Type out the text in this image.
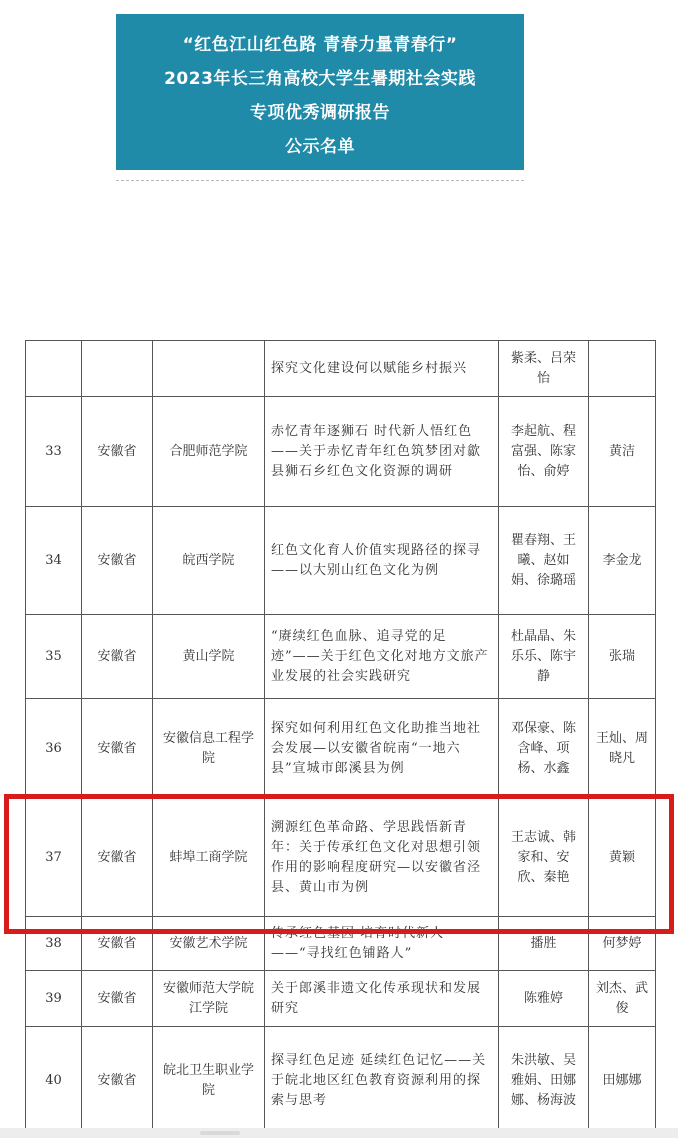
“红色江山红色路 青春力量青春行”
2023年长三角高校大学生暑期社会实践
专项优秀调研报告
公示名单
			探究文化建设何以赋能乡村振兴	紫柔、吕荣怡	
33	安徽省	合肥师范学院	赤忆青年逐狮石 时代新人悟红色——关于赤忆青年红色筑梦团对歙县狮石乡红色文化资源的调研	李起航、程富强、陈家怡、俞婷	黄洁
34	安徽省	皖西学院	红色文化育人价值实现路径的探寻——以大别山红色文化为例	瞿春翔、王曦、赵如娟、徐璐瑶	李金龙
35	安徽省	黄山学院	“赓续红色血脉、追寻党的足迹”——关于红色文化对地方文旅产业发展的社会实践研究	杜晶晶、朱乐乐、陈宇静	张瑞
36	安徽省	安徽信息工程学院	探究如何利用红色文化助推当地社会发展—以安徽省皖南“一地六县”宣城市郎溪县为例	邓保豪、陈含峰、项杨、水鑫	王灿、周晓凡
37	安徽省	蚌埠工商学院	溯源红色革命路、学思践悟新青年：关于传承红色文化对思想引领作用的影响程度研究—以安徽省泾县、黄山市为例	王志诚、韩家和、安欣、秦艳	黄颖
38	安徽省	安徽艺术学院	传承红色基因 培育时代新人——“寻找红色铺路人”	播胜	何梦婷
39	安徽省	安徽师范大学皖江学院	关于郎溪非遗文化传承现状和发展研究	陈雅婷	刘杰、武俊
40	安徽省	皖北卫生职业学院	探寻红色足迹 延续红色记忆——关于皖北地区红色教育资源利用的探索与思考	朱洪敏、吴雅娟、田娜娜、杨海波	田娜娜
